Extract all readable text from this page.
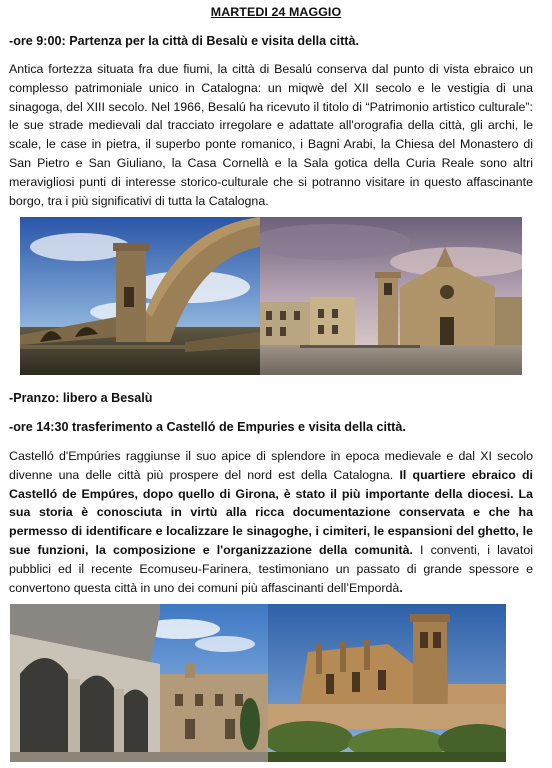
MARTEDI 24 MAGGIO
-ore 9:00: Partenza per la città di Besalù e visita della città.

Antica fortezza situata fra due fiumi, la città di Besalú conserva dal punto di vista ebraico un complesso patrimoniale unico in Catalogna: un miqwè del XII secolo e le vestigia di una sinagoga, del XIII secolo. Nel 1966, Besalú ha ricevuto il titolo di “Patrimonio artistico culturale”: le sue strade medievali dal tracciato irregolare e adattate all'orografia della città, gli archi, le scale, le case in pietra, il superbo ponte romanico, i Bagni Arabi, la Chiesa del Monastero di San Pietro e San Giuliano, la Casa Cornellà e la Sala gotica della Curia Reale sono altri meravigliosi punti di interesse storico-culturale che si potranno visitare in questo affascinante borgo, tra i più significativi di tutta la Catalogna.

-Pranzo: libero a Besalù
-ore 14:30 trasferimento a Castelló de Empuries e visita della città.

Castelló d'Empúries raggiunse il suo apice di splendore in epoca medievale e dal XI secolo divenne una delle città più prospere del nord est della Catalogna. Il quartiere ebraico di Castelló de Empúres, dopo quello di Girona, è stato il più importante della diocesi. La sua storia è conosciuta in virtù alla ricca documentazione conservata e che ha permesso di identificare e localizzare le sinagoghe, i cimiteri, le espansioni del ghetto, le sue funzioni, la composizione e l'organizzazione della comunità. I conventi, i lavatoi pubblici ed il recente Ecomuseu-Farinera, testimoniano un passato di grande spessore e convertono questa città in uno dei comuni più affascinanti dell’Empordà.
